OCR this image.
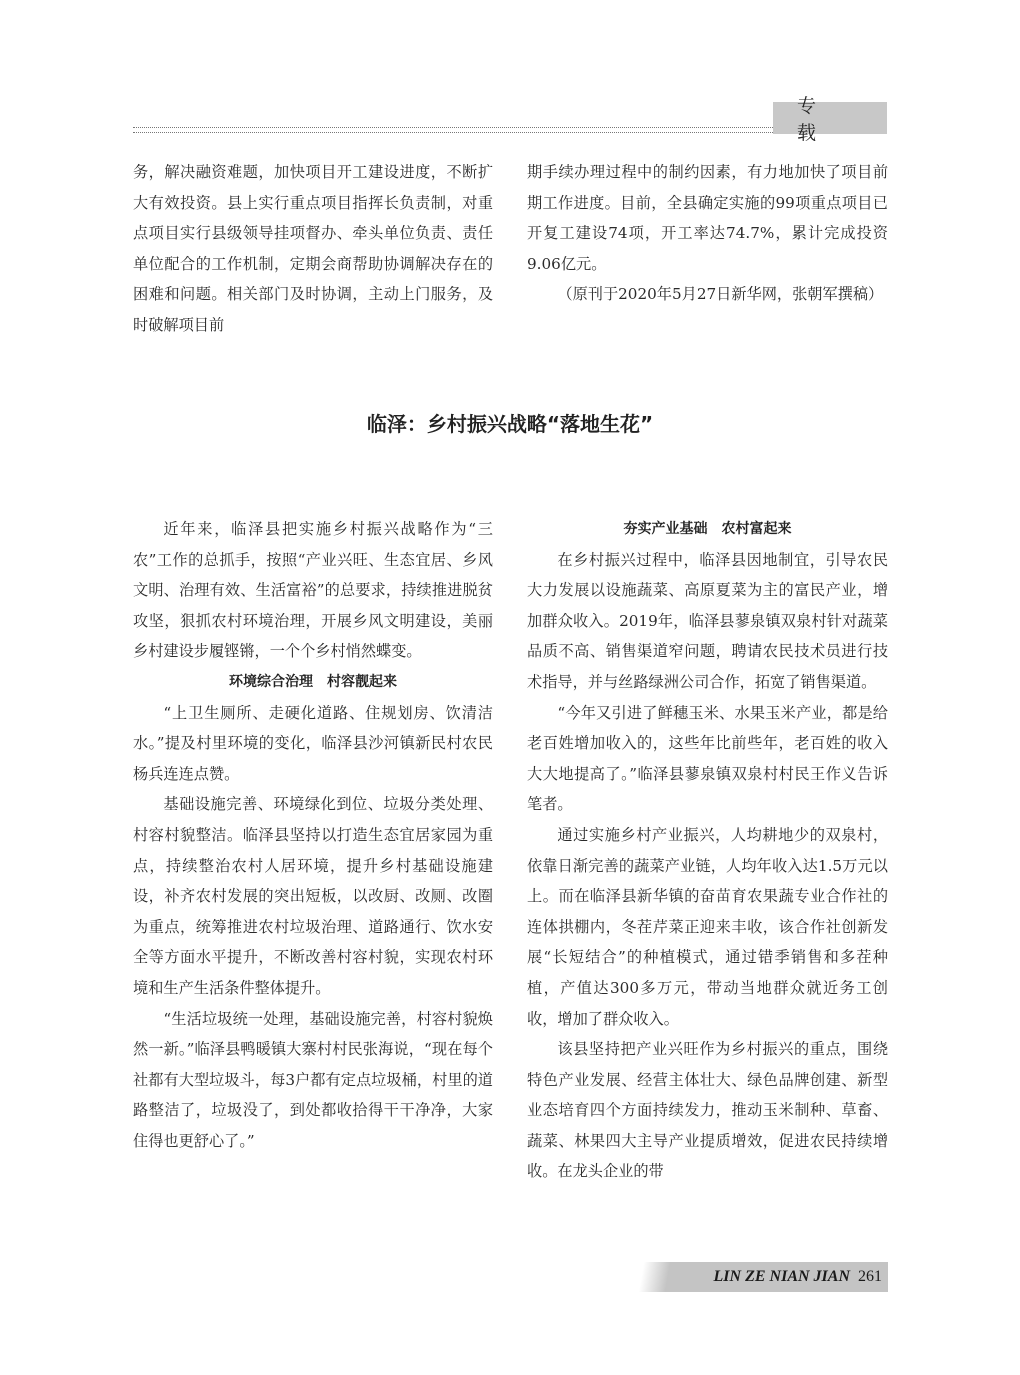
专 载

务，解决融资难题，加快项目开工建设进度，不断扩大有效投资。县上实行重点项目指挥长负责制，对重点项目实行县级领导挂项督办、牵头单位负责、责任单位配合的工作机制，定期会商帮助协调解决存在的困难和问题。相关部门及时协调，主动上门服务，及时破解项目前

期手续办理过程中的制约因素，有力地加快了项目前期工作进度。目前，全县确定实施的99项重点项目已开复工建设74项，开工率达74.7%，累计完成投资9.06亿元。

（原刊于2020年5月27日新华网，张朝军撰稿）

临泽：乡村振兴战略“落地生花”

近年来，临泽县把实施乡村振兴战略作为“三农”工作的总抓手，按照“产业兴旺、生态宜居、乡风文明、治理有效、生活富裕”的总要求，持续推进脱贫攻坚，狠抓农村环境治理，开展乡风文明建设，美丽乡村建设步履铿锵，一个个乡村悄然蝶变。

环境综合治理　村容靓起来

“上卫生厕所、走硬化道路、住规划房、饮清洁水。”提及村里环境的变化，临泽县沙河镇新民村农民杨兵连连点赞。

基础设施完善、环境绿化到位、垃圾分类处理、村容村貌整洁。临泽县坚持以打造生态宜居家园为重点，持续整治农村人居环境，提升乡村基础设施建设，补齐农村发展的突出短板，以改厨、改厕、改圈为重点，统筹推进农村垃圾治理、道路通行、饮水安全等方面水平提升，不断改善村容村貌，实现农村环境和生产生活条件整体提升。

“生活垃圾统一处理，基础设施完善，村容村貌焕然一新。”临泽县鸭暖镇大寨村村民张海说，“现在每个社都有大型垃圾斗，每3户都有定点垃圾桶，村里的道路整洁了，垃圾没了，到处都收拾得干干净净，大家住得也更舒心了。”

夯实产业基础　农村富起来

在乡村振兴过程中，临泽县因地制宜，引导农民大力发展以设施蔬菜、高原夏菜为主的富民产业，增加群众收入。2019年，临泽县蓼泉镇双泉村针对蔬菜品质不高、销售渠道窄问题，聘请农民技术员进行技术指导，并与丝路绿洲公司合作，拓宽了销售渠道。

“今年又引进了鲜穗玉米、水果玉米产业，都是给老百姓增加收入的，这些年比前些年，老百姓的收入大大地提高了。”临泽县蓼泉镇双泉村村民王作义告诉笔者。

通过实施乡村产业振兴，人均耕地少的双泉村，依靠日渐完善的蔬菜产业链，人均年收入达1.5万元以上。而在临泽县新华镇的奋苗育农果蔬专业合作社的连体拱棚内，冬茬芹菜正迎来丰收，该合作社创新发展“长短结合”的种植模式，通过错季销售和多茬种植，产值达300多万元，带动当地群众就近务工创收，增加了群众收入。

该县坚持把产业兴旺作为乡村振兴的重点，围绕特色产业发展、经营主体壮大、绿色品牌创建、新型业态培育四个方面持续发力，推动玉米制种、草畜、蔬菜、林果四大主导产业提质增效，促进农民持续增收。在龙头企业的带

LIN ZE NIAN JIAN 261
